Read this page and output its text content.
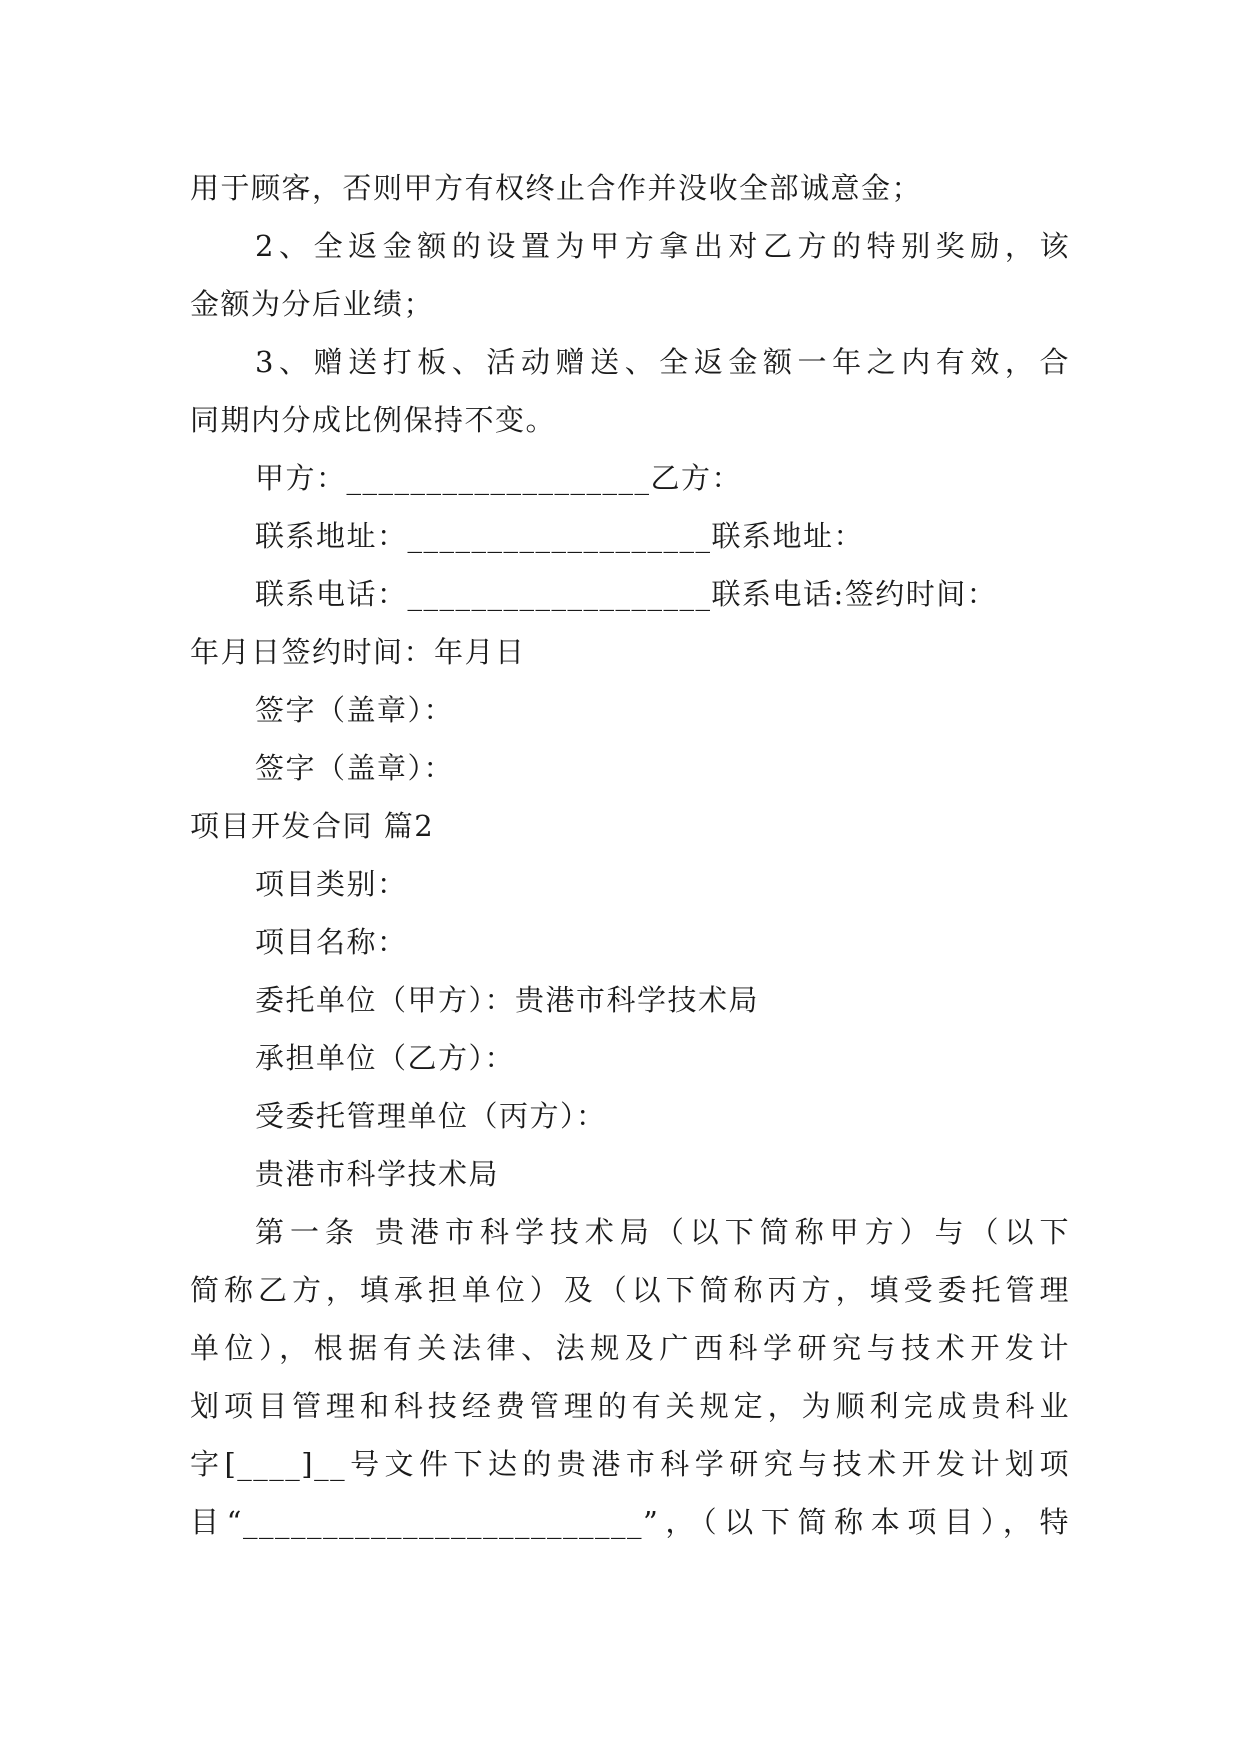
用于顾客，否则甲方有权终止合作并没收全部诚意金；
2、全返金额的设置为甲方拿出对乙方的特别奖励，该
金额为分后业绩；
3、赠送打板、活动赠送、全返金额一年之内有效，合
同期内分成比例保持不变。
甲方：___________________乙方：
联系地址：___________________联系地址：
联系电话：___________________联系电话:签约时间：
年月日签约时间：年月日
签字（盖章）：
签字（盖章）：
项目开发合同 篇2
项目类别：
项目名称：
委托单位（甲方）：贵港市科学技术局
承担单位（乙方）：
受委托管理单位（丙方）：
贵港市科学技术局
第一条 贵港市科学技术局（以下简称甲方）与（以下
简称乙方，填承担单位）及（以下简称丙方，填受委托管理
单位），根据有关法律、法规及广西科学研究与技术开发计
划项目管理和科技经费管理的有关规定，为顺利完成贵科业
字[____]__号文件下达的贵港市科学研究与技术开发计划项
目“_________________________”，（以下简称本项目），特
